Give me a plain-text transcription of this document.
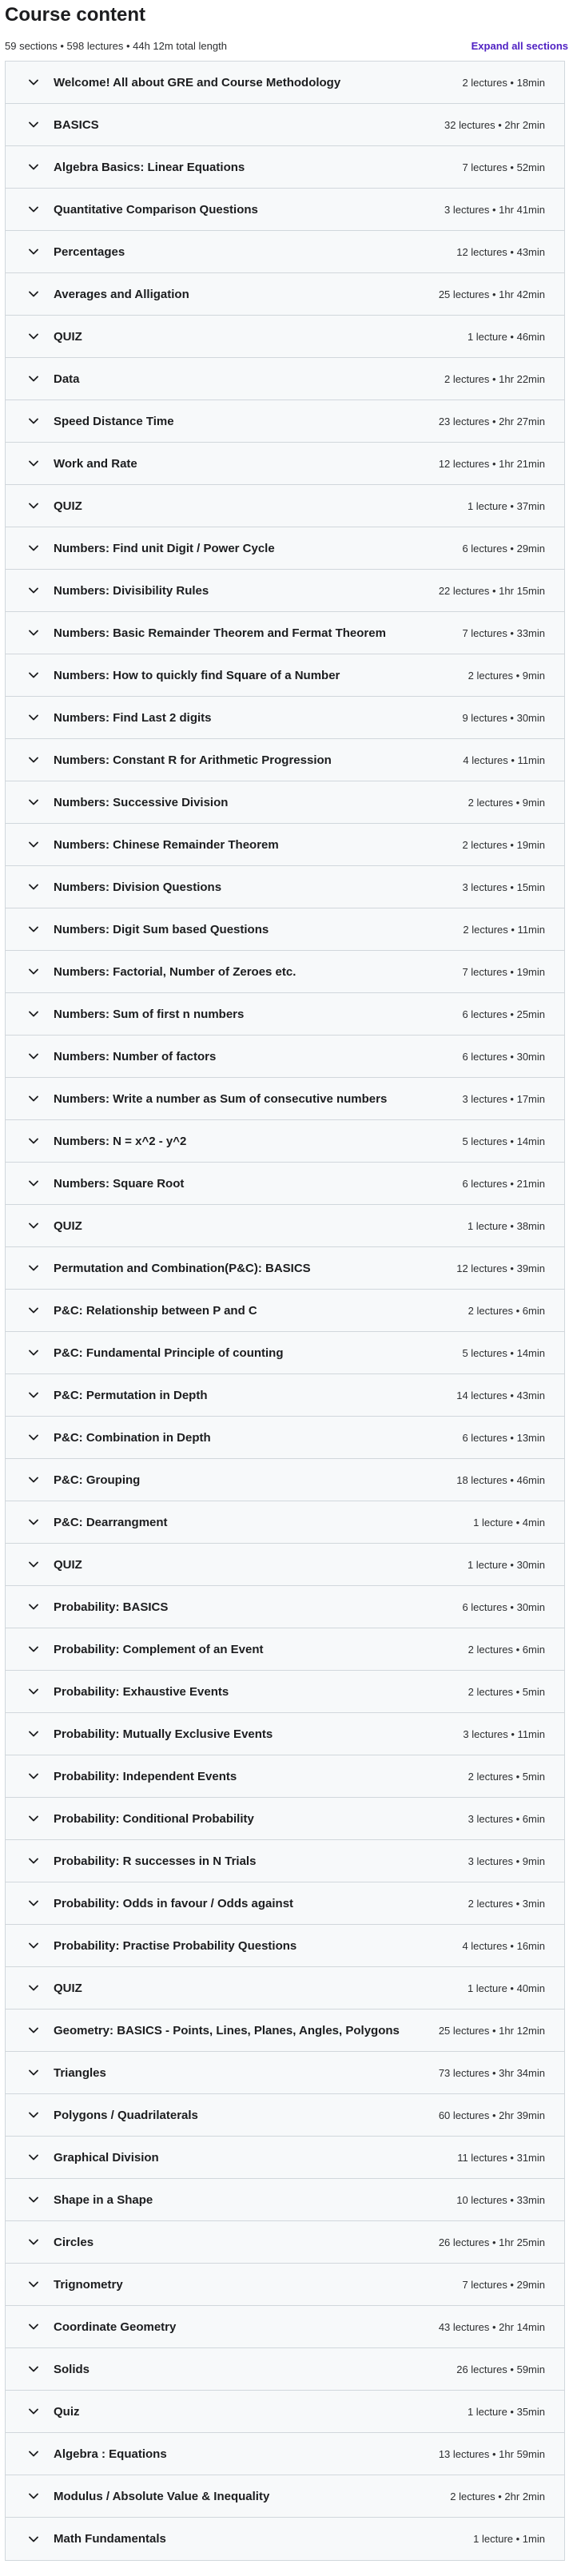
Course content
59 sections • 598 lectures • 44h 12m total length	Expand all sections
Welcome! All about GRE and Course Methodology	2 lectures • 18min
BASICS	32 lectures • 2hr 2min
Algebra Basics: Linear Equations	7 lectures • 52min
Quantitative Comparison Questions	3 lectures • 1hr 41min
Percentages	12 lectures • 43min
Averages and Alligation	25 lectures • 1hr 42min
QUIZ	1 lecture • 46min
Data	2 lectures • 1hr 22min
Speed Distance Time	23 lectures • 2hr 27min
Work and Rate	12 lectures • 1hr 21min
QUIZ	1 lecture • 37min
Numbers: Find unit Digit / Power Cycle	6 lectures • 29min
Numbers: Divisibility Rules	22 lectures • 1hr 15min
Numbers: Basic Remainder Theorem and Fermat Theorem	7 lectures • 33min
Numbers: How to quickly find Square of a Number	2 lectures • 9min
Numbers: Find Last 2 digits	9 lectures • 30min
Numbers: Constant R for Arithmetic Progression	4 lectures • 11min
Numbers: Successive Division	2 lectures • 9min
Numbers: Chinese Remainder Theorem	2 lectures • 19min
Numbers: Division Questions	3 lectures • 15min
Numbers: Digit Sum based Questions	2 lectures • 11min
Numbers: Factorial, Number of Zeroes etc.	7 lectures • 19min
Numbers: Sum of first n numbers	6 lectures • 25min
Numbers: Number of factors	6 lectures • 30min
Numbers: Write a number as Sum of consecutive numbers	3 lectures • 17min
Numbers: N = x^2 - y^2	5 lectures • 14min
Numbers: Square Root	6 lectures • 21min
QUIZ	1 lecture • 38min
Permutation and Combination(P&C): BASICS	12 lectures • 39min
P&C: Relationship between P and C	2 lectures • 6min
P&C: Fundamental Principle of counting	5 lectures • 14min
P&C: Permutation in Depth	14 lectures • 43min
P&C: Combination in Depth	6 lectures • 13min
P&C: Grouping	18 lectures • 46min
P&C: Dearrangment	1 lecture • 4min
QUIZ	1 lecture • 30min
Probability: BASICS	6 lectures • 30min
Probability: Complement of an Event	2 lectures • 6min
Probability: Exhaustive Events	2 lectures • 5min
Probability: Mutually Exclusive Events	3 lectures • 11min
Probability: Independent Events	2 lectures • 5min
Probability: Conditional Probability	3 lectures • 6min
Probability: R successes in N Trials	3 lectures • 9min
Probability: Odds in favour / Odds against	2 lectures • 3min
Probability: Practise Probability Questions	4 lectures • 16min
QUIZ	1 lecture • 40min
Geometry: BASICS - Points, Lines, Planes, Angles, Polygons	25 lectures • 1hr 12min
Triangles	73 lectures • 3hr 34min
Polygons / Quadrilaterals	60 lectures • 2hr 39min
Graphical Division	11 lectures • 31min
Shape in a Shape	10 lectures • 33min
Circles	26 lectures • 1hr 25min
Trignometry	7 lectures • 29min
Coordinate Geometry	43 lectures • 2hr 14min
Solids	26 lectures • 59min
Quiz	1 lecture • 35min
Algebra : Equations	13 lectures • 1hr 59min
Modulus / Absolute Value & Inequality	2 lectures • 2hr 2min
Math Fundamentals	1 lecture • 1min
